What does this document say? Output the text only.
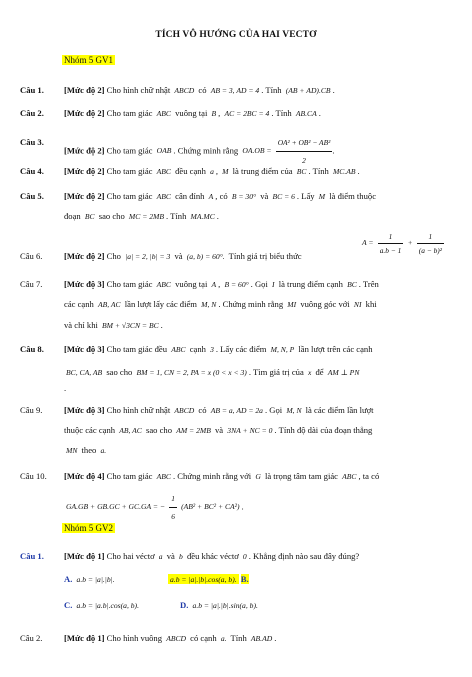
TÍCH VÔ HƯỚNG CỦA HAI VECTƠ
Nhóm 5 GV1
Câu 1. [Mức độ 2] Cho hình chữ nhật ABCD có AB = 3, AD = 4 . Tính (AB + AD).CB .
Câu 2. [Mức độ 2] Cho tam giác ABC vuông tại B , AC = 2BC = 4 . Tính AB.CA .
Câu 3.
[Mức độ 2] Cho tam giác OAB . Chứng minh rằng $OA.OB = \frac{\text{OA² + OB² − AB²}}{2}$ .
Câu 4. [Mức độ 2] Cho tam giác ABC đều cạnh a , M là trung điểm của BC . Tính MC.AB .
Câu 5. [Mức độ 2] Cho tam giác ABC cân đỉnh A , có B = 30° và BC = 6 . Lấy M là điểm thuộc
đoạn BC sao cho MC = 2MB . Tính MA.MC .
Câu 6.	[Mức độ 2] Cho |a| = 2, |b| = 3 và (a, b) = 60°. Tính giá trị biểu thức
$A = \frac{1}{a.b - 1} + \frac{1}{\text{(a − b)²}}$
Câu 7.	[Mức độ 3] Cho tam giác ABC vuông tại A , B = 60° . Gọi I là trung điểm cạnh BC . Trên
các cạnh AB, AC lần lượt lấy các điểm M, N . Chứng minh rằng MI vuông góc với NI khi
và chỉ khi BM + √3CN = BC .
Câu 8. [Mức độ 3] Cho tam giác đều ABC cạnh 3 . Lấy các điểm M, N, P lần lượt trên các cạnh
BC, CA, AB sao cho BM = 1, CN = 2, PA = x (0 < x < 3) . Tìm giá trị của x để AM ⊥ PN
.
Câu 9.	[Mức độ 3] Cho hình chữ nhật ABCD có AB = a, AD = 2a . Gọi M, N là các điểm lần lượt
thuộc các cạnh AB, AC sao cho AM = 2MB và 3NA + NC = 0 . Tính độ dài của đoạn thẳng
MN theo a.
Câu 10. [Mức độ 4] Cho tam giác ABC . Chứng minh rằng với G là trọng tâm tam giác ABC , ta có
GA.GB + GB.GC + GC.GA = − $\frac{1}{6} (AB^2 + BC^2 + CA^2)$ .
Nhóm 5 GV2
Câu 1. [Mức độ 1] Cho hai véctơ a và b đều khác véctơ 0 . Khẳng định nào sau đây đúng?
A. a.b = |a|.|b|.	a.b = |a|.|b|.cos(a, b). B.
C. a.b = |a.b|.cos(a, b).	D. a.b = |a|.|b|.sin(a, b).
Câu 2.	[Mức độ 1] Cho hình vuông ABCD có cạnh a. Tính AB.AD .
